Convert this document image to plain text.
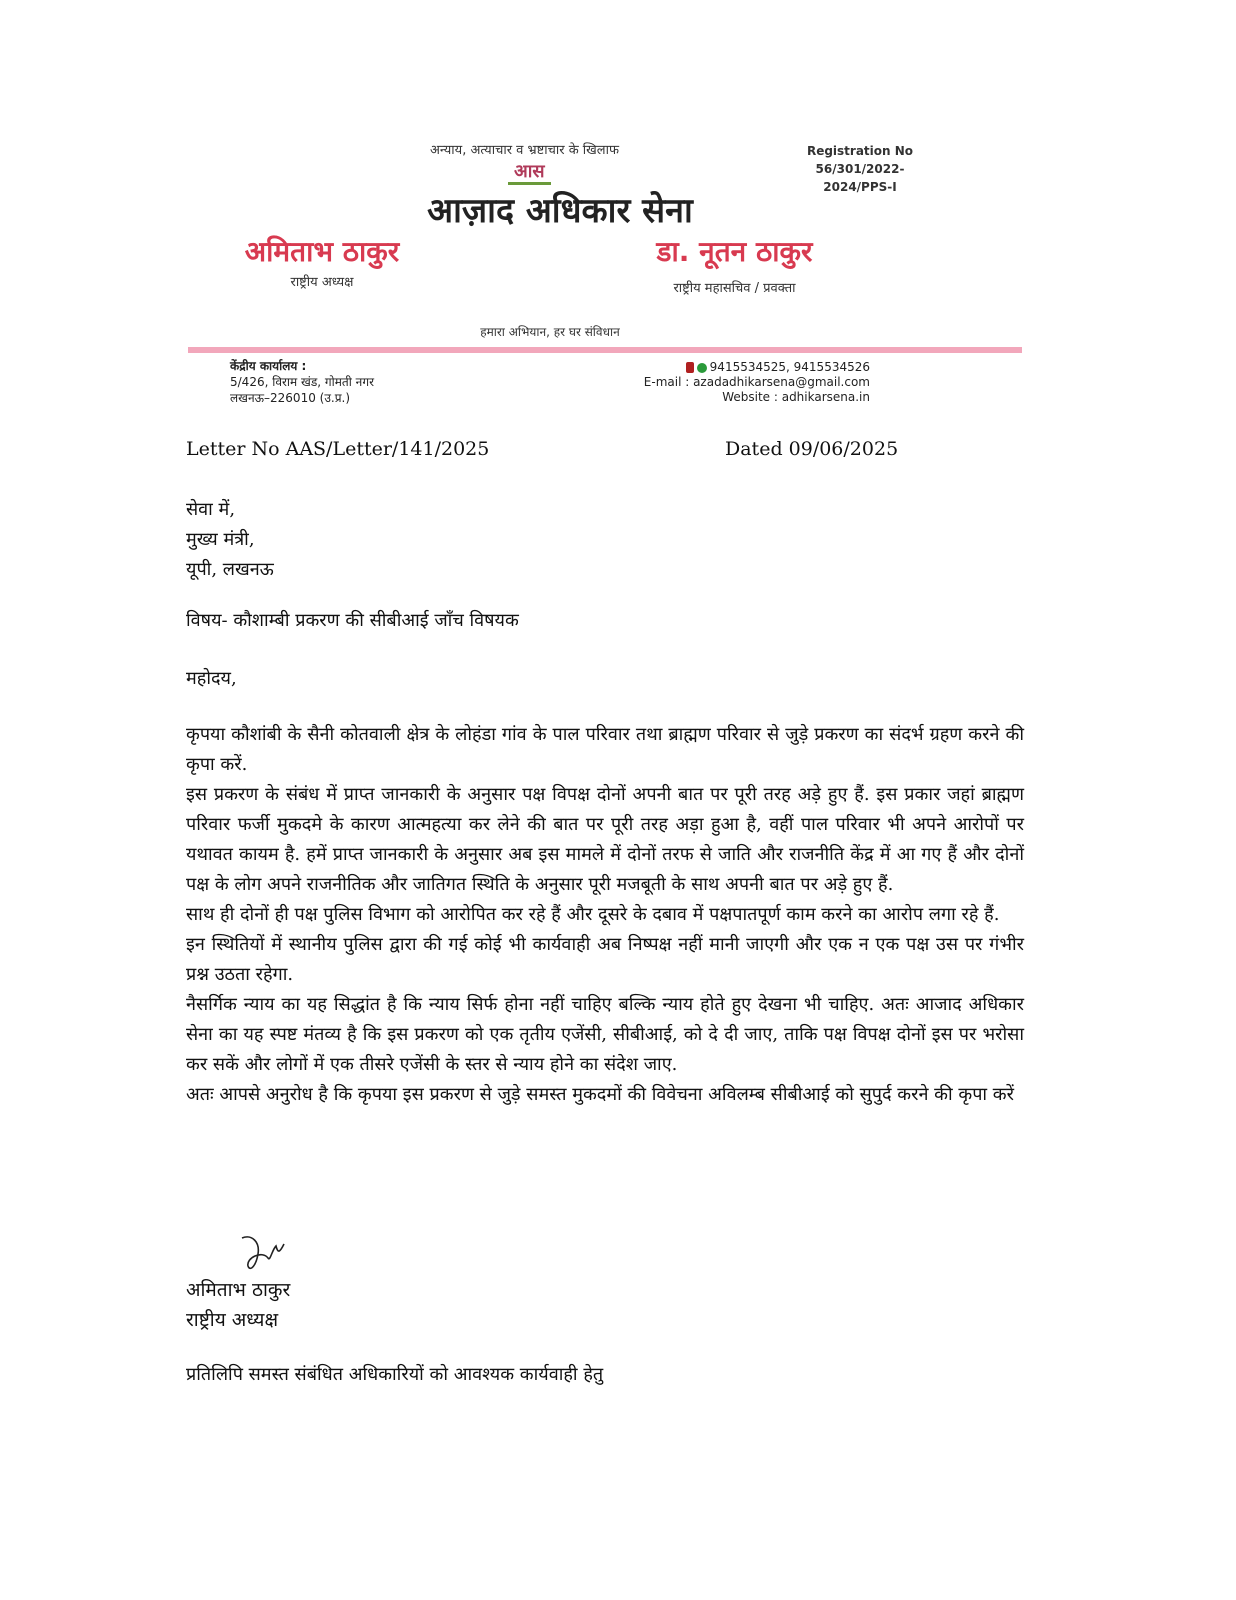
अन्याय, अत्याचार व भ्रष्टाचार के खिलाफ	Registration No
56/301/2022-2024/PPS-I
आस
आज़ाद अधिकार सेना
अमिताभ ठाकुर
राष्ट्रीय अध्यक्ष
डा. नूतन ठाकुर
राष्ट्रीय महासचिव / प्रवक्ता
हमारा अभियान, हर घर संविधान
केंद्रीय कार्यालय :
5/426, विराम खंड, गोमती नगर
लखनऊ–226010 (उ.प्र.)
9415534525, 9415534526
E-mail : azadadhikarsena@gmail.com
Website : adhikarsena.in
Letter No AAS/Letter/141/2025	Dated 09/06/2025
सेवा में,
मुख्य मंत्री,
यूपी, लखनऊ
विषय- कौशाम्बी प्रकरण की सीबीआई जाँच विषयक
महोदय,

कृपया कौशांबी के सैनी कोतवाली क्षेत्र के लोहंडा गांव के पाल परिवार तथा ब्राह्मण परिवार से जुड़े प्रकरण का संदर्भ ग्रहण करने की कृपा करें.

इस प्रकरण के संबंध में प्राप्त जानकारी के अनुसार पक्ष विपक्ष दोनों अपनी बात पर पूरी तरह अड़े हुए हैं. इस प्रकार जहां ब्राह्मण परिवार फर्जी मुकदमे के कारण आत्महत्या कर लेने की बात पर पूरी तरह अड़ा हुआ है, वहीं पाल परिवार भी अपने आरोपों पर यथावत कायम है. हमें प्राप्त जानकारी के अनुसार अब इस मामले में दोनों तरफ से जाति और राजनीति केंद्र में आ गए हैं और दोनों पक्ष के लोग अपने राजनीतिक और जातिगत स्थिति के अनुसार पूरी मजबूती के साथ अपनी बात पर अड़े हुए हैं.

साथ ही दोनों ही पक्ष पुलिस विभाग को आरोपित कर रहे हैं और दूसरे के दबाव में पक्षपातपूर्ण काम करने का आरोप लगा रहे हैं.

इन स्थितियों में स्थानीय पुलिस द्वारा की गई कोई भी कार्यवाही अब निष्पक्ष नहीं मानी जाएगी और एक न एक पक्ष उस पर गंभीर प्रश्न उठता रहेगा.

नैसर्गिक न्याय का यह सिद्धांत है कि न्याय सिर्फ होना नहीं चाहिए बल्कि न्याय होते हुए देखना भी चाहिए. अतः आजाद अधिकार सेना का यह स्पष्ट मंतव्य है कि इस प्रकरण को एक तृतीय एजेंसी, सीबीआई, को दे दी जाए, ताकि पक्ष विपक्ष दोनों इस पर भरोसा कर सकें और लोगों में एक तीसरे एजेंसी के स्तर से न्याय होने का संदेश जाए.

अतः आपसे अनुरोध है कि कृपया इस प्रकरण से जुड़े समस्त मुकदमों की विवेचना अविलम्ब सीबीआई को सुपुर्द करने की कृपा करें

अमिताभ ठाकुर
राष्ट्रीय अध्यक्ष
प्रतिलिपि समस्त संबंधित अधिकारियों को आवश्यक कार्यवाही हेतु
